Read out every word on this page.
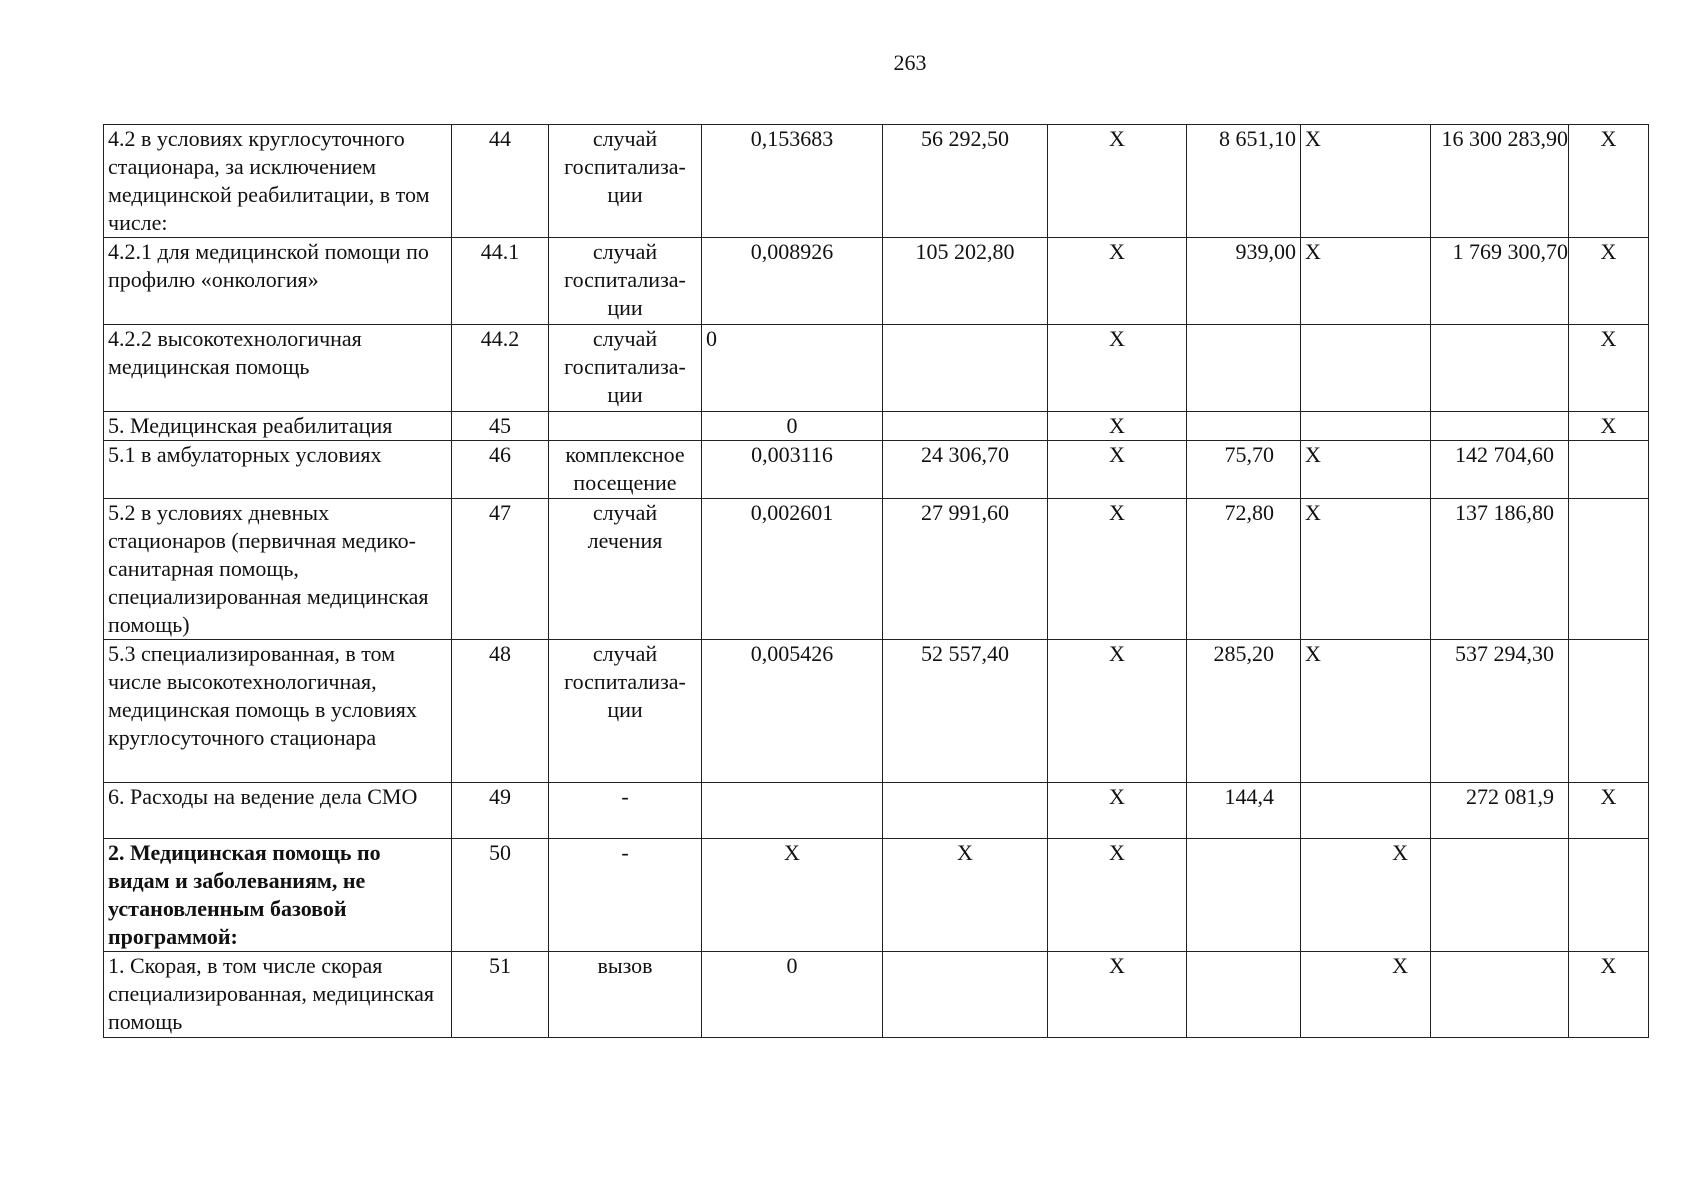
263
4.2 в условиях круглосуточного стационара, за исключением медицинской реабилитации, в том числе:	44	случай госпитализа-ции	0,153683	56 292,50	Х	8 651,10	Х	16 300 283,90	Х
4.2.1 для медицинской помощи по профилю «онкология»	44.1	случай госпитализа-ции	0,008926	105 202,80	Х	939,00	Х	1 769 300,70	Х
4.2.2 высокотехнологичная медицинская помощь	44.2	случай госпитализа-ции	0		Х				Х
5. Медицинская реабилитация	45		0		Х				Х
5.1 в амбулаторных условиях	46	комплексное посещение	0,003116	24 306,70	Х	75,70	Х	142 704,60	
5.2 в условиях дневных стационаров (первичная медико-санитарная помощь, специализированная медицинская помощь)	47	случай лечения	0,002601	27 991,60	Х	72,80	Х	137 186,80	
5.3 специализированная, в том числе высокотехнологичная, медицинская помощь в условиях круглосуточного стационара	48	случай госпитализа-ции	0,005426	52 557,40	Х	285,20	Х	537 294,30	
6. Расходы на ведение дела СМО	49	-			Х	144,4		272 081,9	Х
2. Медицинская помощь по видам и заболеваниям, не установленным базовой программой:	50	-	Х	Х	Х		Х		
1. Скорая, в том числе скорая специализированная, медицинская помощь	51	вызов	0		Х		Х		Х
